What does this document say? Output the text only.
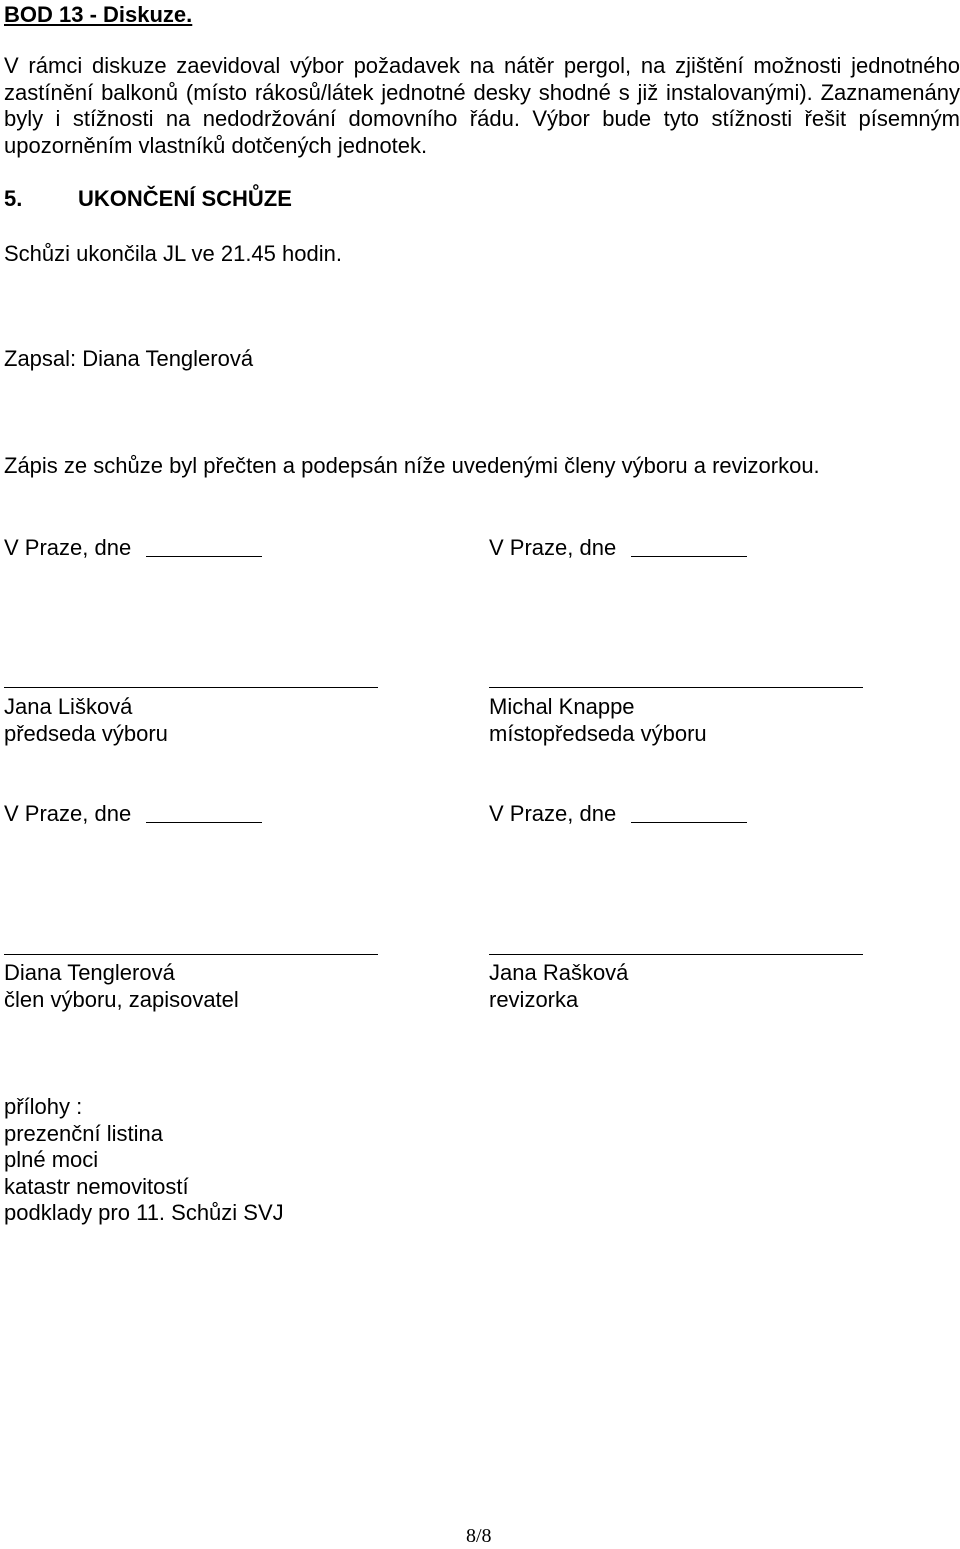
BOD 13 - Diskuze.
V rámci diskuze zaevidoval výbor požadavek na nátěr pergol, na zjištění možnosti jednotného zastínění balkonů (místo rákosů/látek jednotné desky shodné s již instalovanými). Zaznamenány byly i stížnosti na nedodržování domovního řádu. Výbor bude tyto stížnosti řešit písemným upozorněním vlastníků dotčených jednotek.
5.	UKONČENÍ SCHŮZE
Schůzi ukončila JL ve 21.45 hodin.
Zapsal: Diana Tenglerová
Zápis ze schůze byl přečten a podepsán níže uvedenými členy výboru a revizorkou.
V Praze, dne	V Praze, dne
Jana Lišková
předseda výboru
Michal Knappe
místopředseda výboru
V Praze, dne	V Praze, dne
Diana Tenglerová
člen výboru, zapisovatel
Jana Rašková
revizorka
přílohy :
prezenční listina
plné moci
katastr nemovitostí
podklady pro 11. Schůzi SVJ
8/8
